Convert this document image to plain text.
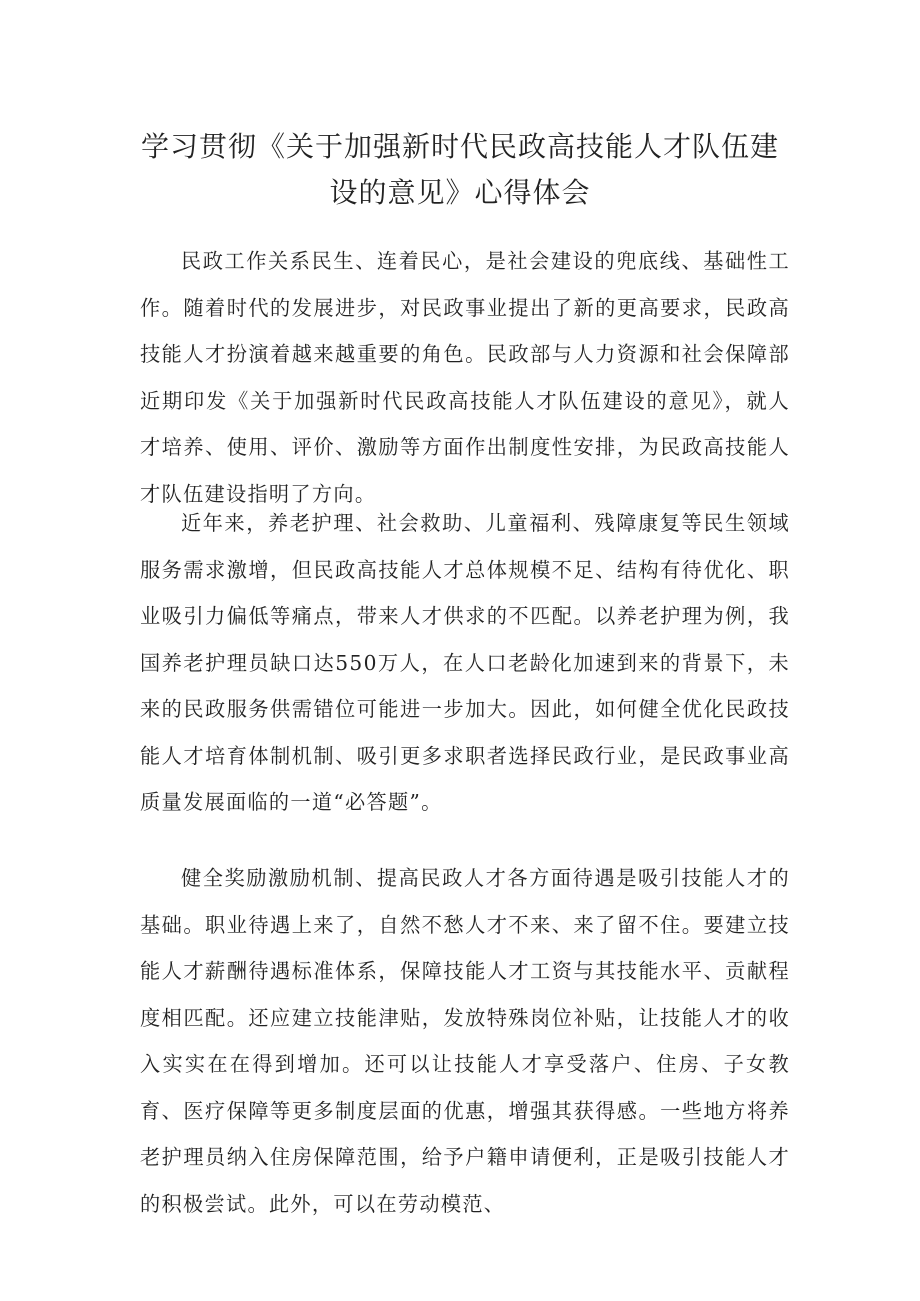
学习贯彻《关于加强新时代民政高技能人才队伍建设的意见》心得体会

民政工作关系民生、连着民心，是社会建设的兜底线、基础性工作。随着时代的发展进步，对民政事业提出了新的更高要求，民政高技能人才扮演着越来越重要的角色。民政部与人力资源和社会保障部近期印发《关于加强新时代民政高技能人才队伍建设的意见》，就人才培养、使用、评价、激励等方面作出制度性安排，为民政高技能人才队伍建设指明了方向。

近年来，养老护理、社会救助、儿童福利、残障康复等民生领域服务需求激增，但民政高技能人才总体规模不足、结构有待优化、职业吸引力偏低等痛点，带来人才供求的不匹配。以养老护理为例，我国养老护理员缺口达550万人，在人口老龄化加速到来的背景下，未来的民政服务供需错位可能进一步加大。因此，如何健全优化民政技能人才培育体制机制、吸引更多求职者选择民政行业，是民政事业高质量发展面临的一道“必答题”。

健全奖励激励机制、提高民政人才各方面待遇是吸引技能人才的基础。职业待遇上来了，自然不愁人才不来、来了留不住。要建立技能人才薪酬待遇标准体系，保障技能人才工资与其技能水平、贡献程度相匹配。还应建立技能津贴，发放特殊岗位补贴，让技能人才的收入实实在在得到增加。还可以让技能人才享受落户、住房、子女教育、医疗保障等更多制度层面的优惠，增强其获得感。一些地方将养老护理员纳入住房保障范围，给予户籍申请便利，正是吸引技能人才的积极尝试。此外，可以在劳动模范、
